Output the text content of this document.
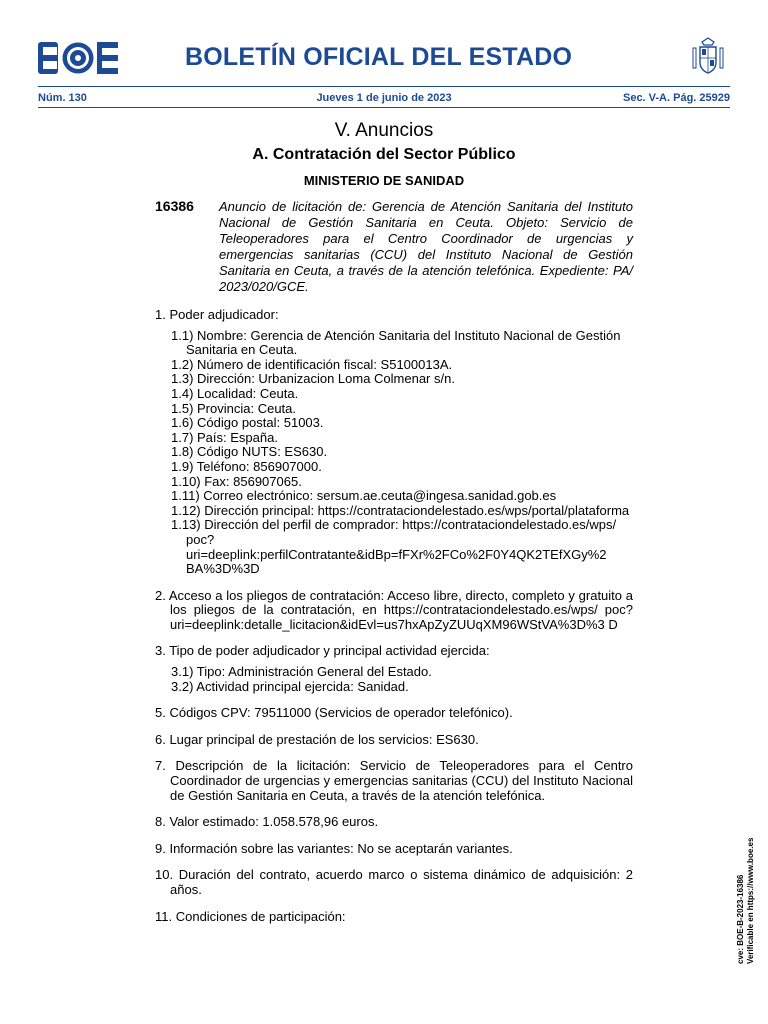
BOLETÍN OFICIAL DEL ESTADO
Núm. 130	Jueves 1 de junio de 2023	Sec. V-A. Pág. 25929
V. Anuncios
A. Contratación del Sector Público
MINISTERIO DE SANIDAD
16386 Anuncio de licitación de: Gerencia de Atención Sanitaria del Instituto Nacional de Gestión Sanitaria en Ceuta. Objeto: Servicio de Teleoperadores para el Centro Coordinador de urgencias y emergencias sanitarias (CCU) del Instituto Nacional de Gestión Sanitaria en Ceuta, a través de la atención telefónica. Expediente: PA/ 2023/020/GCE.
1. Poder adjudicador:
1.1) Nombre: Gerencia de Atención Sanitaria del Instituto Nacional de Gestión Sanitaria en Ceuta.
1.2) Número de identificación fiscal: S5100013A.
1.3) Dirección: Urbanizacion Loma Colmenar s/n.
1.4) Localidad: Ceuta.
1.5) Provincia: Ceuta.
1.6) Código postal: 51003.
1.7) País: España.
1.8) Código NUTS: ES630.
1.9) Teléfono: 856907000.
1.10) Fax: 856907065.
1.11) Correo electrónico: sersum.ae.ceuta@ingesa.sanidad.gob.es
1.12) Dirección principal: https://contrataciondelestado.es/wps/portal/plataforma
1.13) Dirección del perfil de comprador: https://contrataciondelestado.es/wps/ poc?uri=deeplink:perfilContratante&idBp=fFXr%2FCo%2F0Y4QK2TEfXGy%2 BA%3D%3D
2. Acceso a los pliegos de contratación: Acceso libre, directo, completo y gratuito a los pliegos de la contratación, en https://contrataciondelestado.es/wps/ poc?uri=deeplink:detalle_licitacion&idEvl=us7hxApZyZUUqXM96WStVA%3D%3 D
3. Tipo de poder adjudicador y principal actividad ejercida:
3.1) Tipo: Administración General del Estado.
3.2) Actividad principal ejercida: Sanidad.
5. Códigos CPV: 79511000 (Servicios de operador telefónico).
6. Lugar principal de prestación de los servicios: ES630.
7. Descripción de la licitación: Servicio de Teleoperadores para el Centro Coordinador de urgencias y emergencias sanitarias (CCU) del Instituto Nacional de Gestión Sanitaria en Ceuta, a través de la atención telefónica.
8. Valor estimado: 1.058.578,96 euros.
9. Información sobre las variantes: No se aceptarán variantes.
10. Duración del contrato, acuerdo marco o sistema dinámico de adquisición: 2 años.
11. Condiciones de participación:	cve: BOE-B-2023-16386 Verificable en https://www.boe.es
